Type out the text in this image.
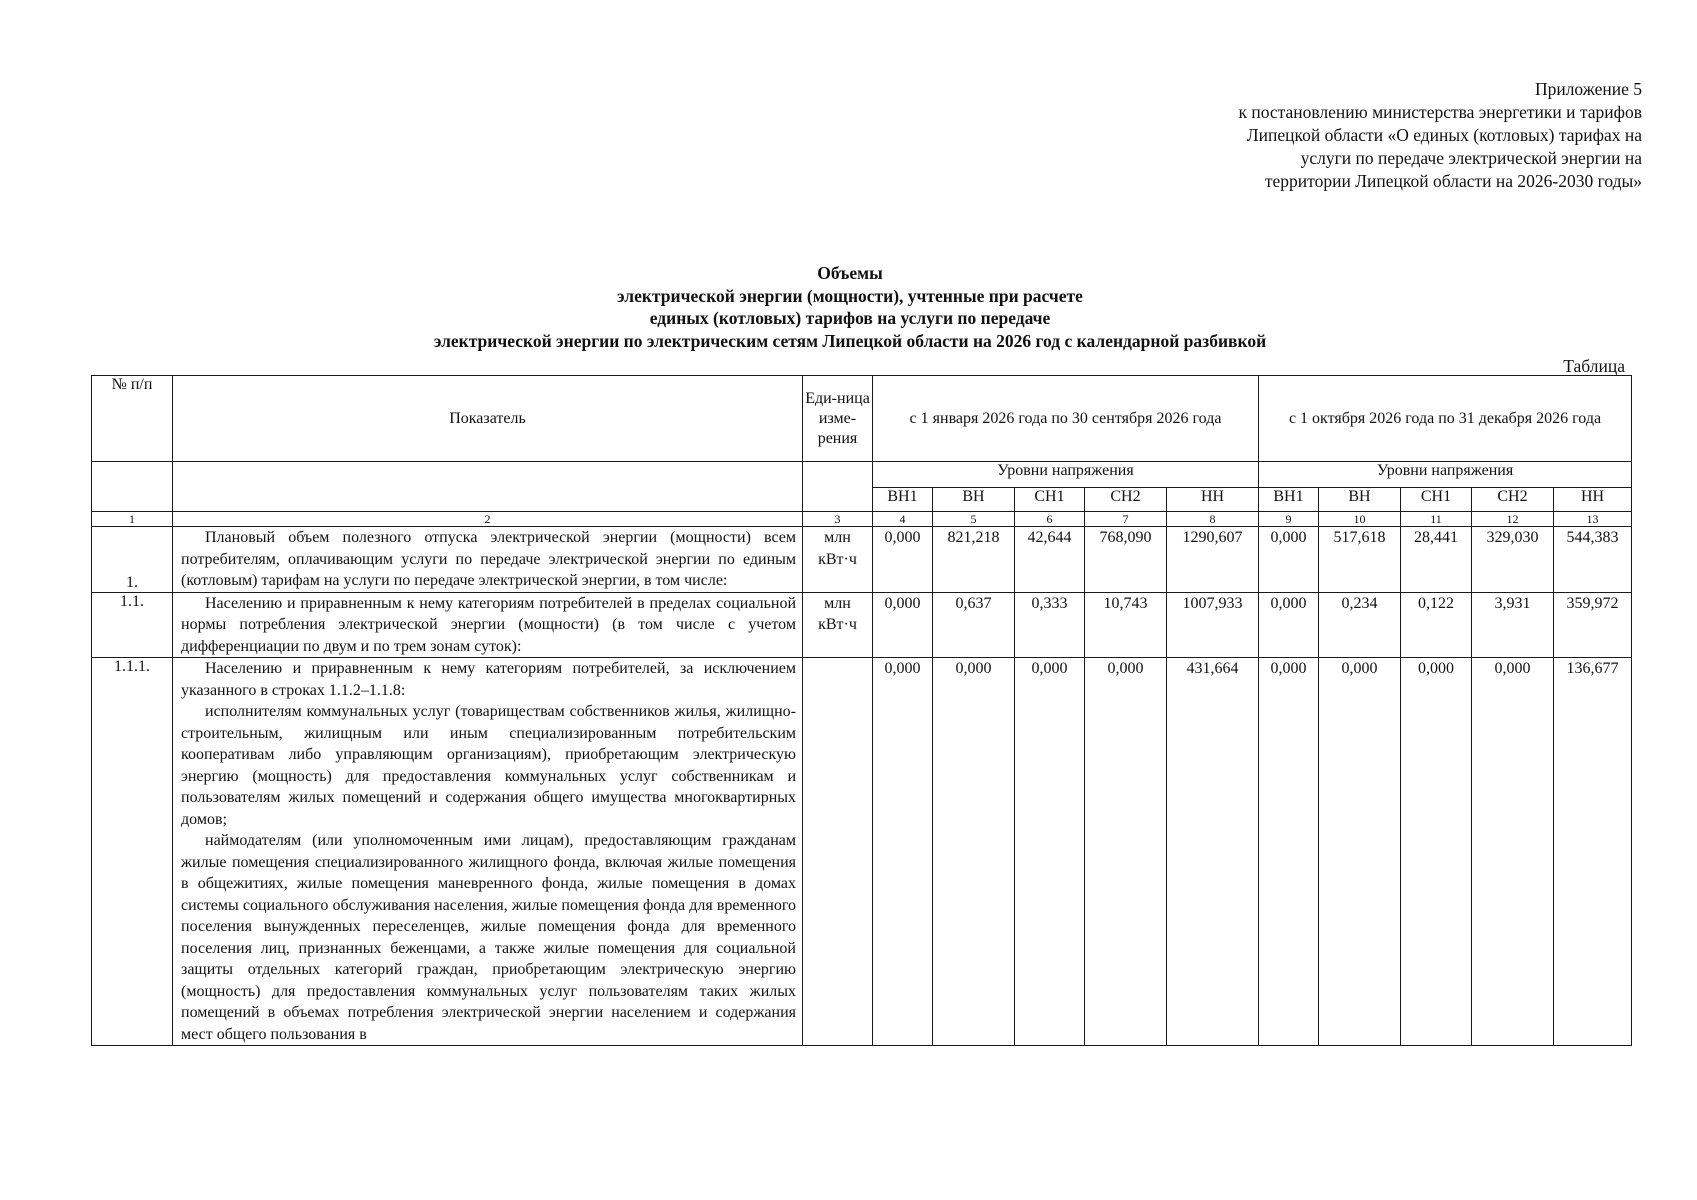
Приложение 5
к постановлению министерства энергетики и тарифов
Липецкой области «О единых (котловых) тарифах на
услуги по передаче электрической энергии на
территории Липецкой области на 2026-2030 годы»
Объемы
электрической энергии (мощности), учтенные при расчете
единых (котловых) тарифов на услуги по передаче
электрической энергии по электрическим сетям Липецкой области на 2026 год с календарной разбивкой
Таблица
№ п/п	Показатель	Еди-ница изме-рения	с 1 января 2026 года по 30 сентября 2026 года					с 1 октября 2026 года по 31 декабря 2026 года				
			Уровни напряжения					Уровни напряжения				
			ВН1	ВН	СН1	СН2	НН	ВН1	ВН	СН1	СН2	НН
1	2	3	4	5	6	7	8	9	10	11	12	13
1.	Плановый объем полезного отпуска электрической энергии (мощности) всем потребителям, оплачивающим услуги по передаче электрической энергии по единым (котловым) тарифам на услуги по передаче электрической энергии, в том числе:	млн кВт·ч	0,000	821,218	42,644	768,090	1290,607	0,000	517,618	28,441	329,030	544,383
1.1.	Населению и приравненным к нему категориям потребителей в пределах социальной нормы потребления электрической энергии (мощности) (в том числе с учетом дифференциации по двум и по трем зонам суток):	млн кВт·ч	0,000	0,637	0,333	10,743	1007,933	0,000	0,234	0,122	3,931	359,972
1.1.1.	Населению и приравненным к нему категориям потребителей, за исключением указанного в строках 1.1.2–1.1.8:

исполнителям коммунальных услуг (товариществам собственников жилья, жилищно-строительным, жилищным или иным специализированным потребительским кооперативам либо управляющим организациям), приобретающим электрическую энергию (мощность) для предоставления коммунальных услуг собственникам и пользователям жилых помещений и содержания общего имущества многоквартирных домов;

наймодателям (или уполномоченным ими лицам), предоставляющим гражданам жилые помещения специализированного жилищного фонда, включая жилые помещения в общежитиях, жилые помещения маневренного фонда, жилые помещения в домах системы социального обслуживания населения, жилые помещения фонда для временного поселения вынужденных переселенцев, жилые помещения фонда для временного поселения лиц, признанных беженцами, а также жилые помещения для социальной защиты отдельных категорий граждан, приобретающим электрическую энергию (мощность) для предоставления коммунальных услуг пользователям таких жилых помещений в объемах потребления электрической энергии населением и содержания мест общего пользования в		0,000	0,000	0,000	0,000	431,664	0,000	0,000	0,000	0,000	136,677
